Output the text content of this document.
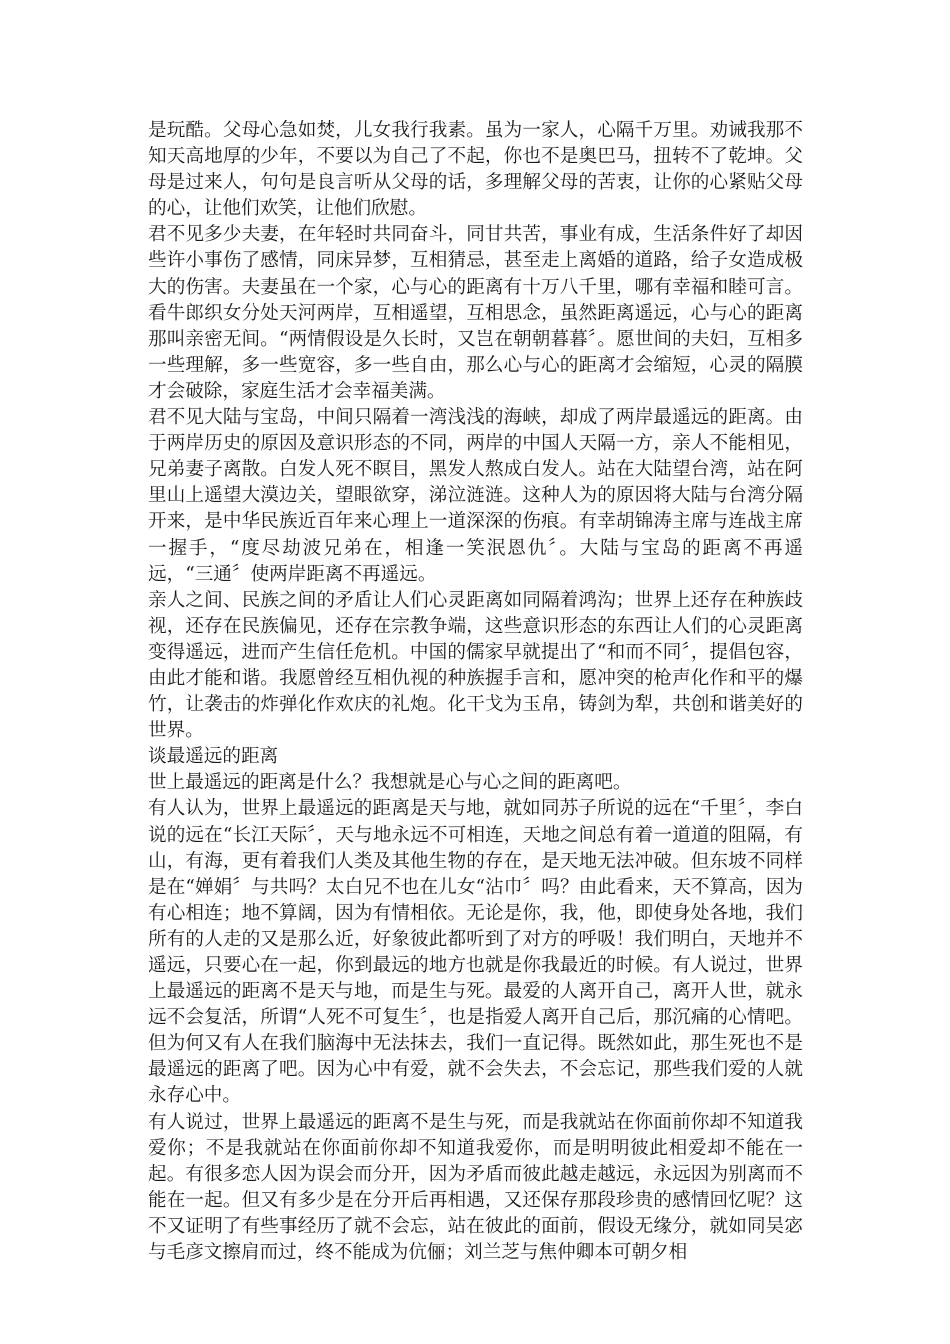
是玩酷。父母心急如焚，儿女我行我素。虽为一家人，心隔千万里。劝诫我那不知天高地厚的少年，不要以为自己了不起，你也不是奥巴马，扭转不了乾坤。父母是过来人，句句是良言听从父母的话，多理解父母的苦衷，让你的心紧贴父母的心，让他们欢笑，让他们欣慰。

君不见多少夫妻，在年轻时共同奋斗，同甘共苦，事业有成，生活条件好了却因些许小事伤了感情，同床异梦，互相猜忌，甚至走上离婚的道路，给子女造成极大的伤害。夫妻虽在一个家，心与心的距离有十万八千里，哪有幸福和睦可言。看牛郎织女分处天河两岸，互相遥望，互相思念，虽然距离遥远，心与心的距离那叫亲密无间。“两情假设是久长时，又岂在朝朝暮暮〞。愿世间的夫妇，互相多一些理解，多一些宽容，多一些自由，那么心与心的距离才会缩短，心灵的隔膜才会破除，家庭生活才会幸福美满。

君不见大陆与宝岛，中间只隔着一湾浅浅的海峡，却成了两岸最遥远的距离。由于两岸历史的原因及意识形态的不同，两岸的中国人天隔一方，亲人不能相见，兄弟妻子离散。白发人死不瞑目，黑发人熬成白发人。站在大陆望台湾，站在阿里山上遥望大漠边关，望眼欲穿，涕泣涟涟。这种人为的原因将大陆与台湾分隔开来，是中华民族近百年来心理上一道深深的伤痕。有幸胡锦涛主席与连战主席一握手，“度尽劫波兄弟在，相逢一笑泯恩仇〞。大陆与宝岛的距离不再遥远，“三通〞使两岸距离不再遥远。

亲人之间、民族之间的矛盾让人们心灵距离如同隔着鸿沟；世界上还存在种族歧视，还存在民族偏见，还存在宗教争端，这些意识形态的东西让人们的心灵距离变得遥远，进而产生信任危机。中国的儒家早就提出了“和而不同〞，提倡包容，由此才能和谐。我愿曾经互相仇视的种族握手言和，愿冲突的枪声化作和平的爆竹，让袭击的炸弹化作欢庆的礼炮。化干戈为玉帛，铸剑为犁，共创和谐美好的世界。

谈最遥远的距离

世上最遥远的距离是什么？我想就是心与心之间的距离吧。

有人认为，世界上最遥远的距离是天与地，就如同苏子所说的远在“千里〞，李白说的远在“长江天际〞，天与地永远不可相连，天地之间总有着一道道的阻隔，有山，有海，更有着我们人类及其他生物的存在，是天地无法冲破。但东坡不同样是在“婵娟〞与共吗？太白兄不也在儿女“沾巾〞吗？由此看来，天不算高，因为有心相连；地不算阔，因为有情相依。无论是你，我，他，即使身处各地，我们所有的人走的又是那么近，好象彼此都听到了对方的呼吸！我们明白，天地并不遥远，只要心在一起，你到最远的地方也就是你我最近的时候。有人说过，世界上最遥远的距离不是天与地，而是生与死。最爱的人离开自己，离开人世，就永远不会复活，所谓“人死不可复生〞，也是指爱人离开自己后，那沉痛的心情吧。但为何又有人在我们脑海中无法抹去，我们一直记得。既然如此，那生死也不是最遥远的距离了吧。因为心中有爱，就不会失去，不会忘记，那些我们爱的人就永存心中。

有人说过，世界上最遥远的距离不是生与死，而是我就站在你面前你却不知道我爱你；不是我就站在你面前你却不知道我爱你，而是明明彼此相爱却不能在一起。有很多恋人因为误会而分开，因为矛盾而彼此越走越远，永远因为别离而不能在一起。但又有多少是在分开后再相遇，又还保存那段珍贵的感情回忆呢？这不又证明了有些事经历了就不会忘，站在彼此的面前，假设无缘分，就如同吴宓与毛彦文擦肩而过，终不能成为伉俪；刘兰芝与焦仲卿本可朝夕相
